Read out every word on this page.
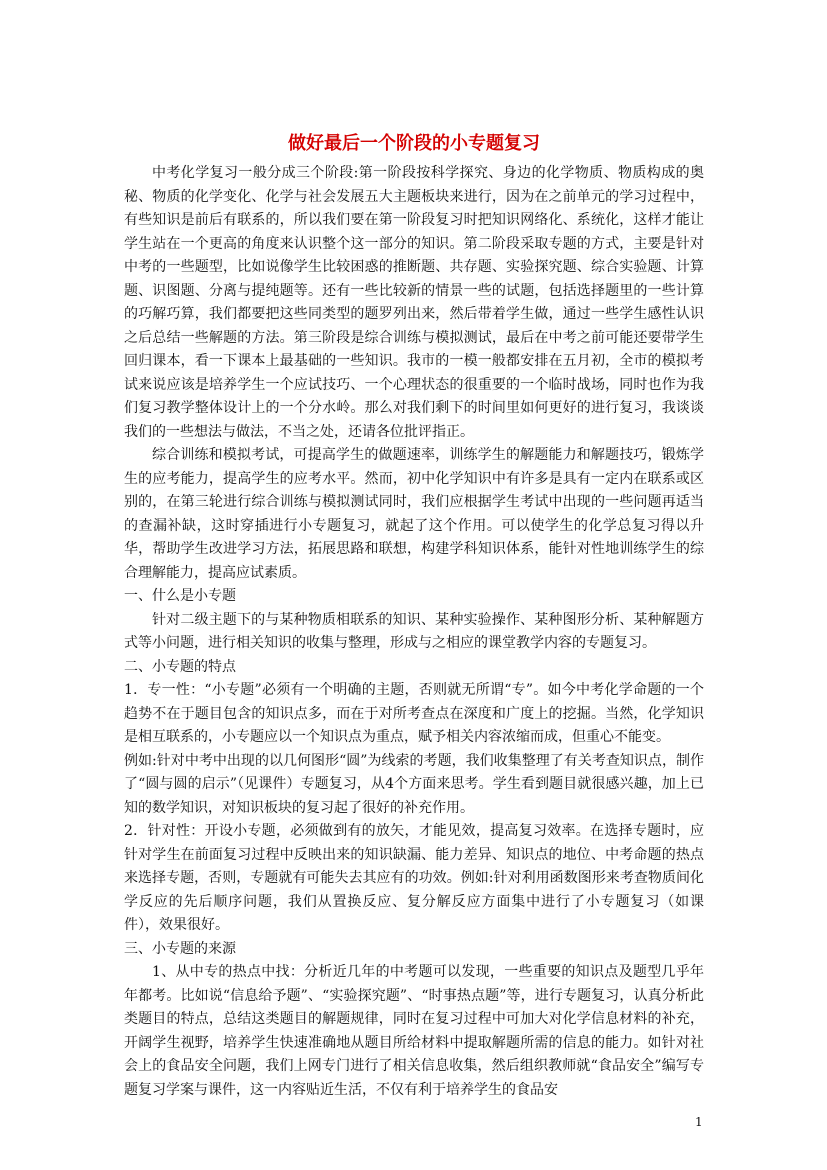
做好最后一个阶段的小专题复习

中考化学复习一般分成三个阶段:第一阶段按科学探究、身边的化学物质、物质构成的奥秘、物质的化学变化、化学与社会发展五大主题板块来进行，因为在之前单元的学习过程中，有些知识是前后有联系的，所以我们要在第一阶段复习时把知识网络化、系统化，这样才能让学生站在一个更高的角度来认识整个这一部分的知识。第二阶段采取专题的方式，主要是针对中考的一些题型，比如说像学生比较困惑的推断题、共存题、实验探究题、综合实验题、计算题、识图题、分离与提纯题等。还有一些比较新的情景一些的试题，包括选择题里的一些计算的巧解巧算，我们都要把这些同类型的题罗列出来，然后带着学生做，通过一些学生感性认识之后总结一些解题的方法。第三阶段是综合训练与模拟测试，最后在中考之前可能还要带学生回归课本，看一下课本上最基础的一些知识。我市的一模一般都安排在五月初，全市的模拟考试来说应该是培养学生一个应试技巧、一个心理状态的很重要的一个临时战场，同时也作为我们复习教学整体设计上的一个分水岭。那么对我们剩下的时间里如何更好的进行复习，我谈谈我们的一些想法与做法，不当之处，还请各位批评指正。

综合训练和模拟考试，可提高学生的做题速率，训练学生的解题能力和解题技巧，锻炼学生的应考能力，提高学生的应考水平。然而，初中化学知识中有许多是具有一定内在联系或区别的，在第三轮进行综合训练与模拟测试同时，我们应根据学生考试中出现的一些问题再适当的查漏补缺，这时穿插进行小专题复习，就起了这个作用。可以使学生的化学总复习得以升华，帮助学生改进学习方法，拓展思路和联想，构建学科知识体系，能针对性地训练学生的综合理解能力，提高应试素质。

一、什么是小专题

针对二级主题下的与某种物质相联系的知识、某种实验操作、某种图形分析、某种解题方式等小问题，进行相关知识的收集与整理，形成与之相应的课堂教学内容的专题复习。

二、小专题的特点

1．专一性：“小专题”必须有一个明确的主题，否则就无所谓“专”。如今中考化学命题的一个趋势不在于题目包含的知识点多，而在于对所考查点在深度和广度上的挖掘。当然，化学知识是相互联系的，小专题应以一个知识点为重点，赋予相关内容浓缩而成，但重心不能变。

例如:针对中考中出现的以几何图形“圆”为线索的考题，我们收集整理了有关考查知识点，制作了“圆与圆的启示”（见课件）专题复习，从4个方面来思考。学生看到题目就很感兴趣，加上已知的数学知识，对知识板块的复习起了很好的补充作用。

2．针对性：开设小专题，必须做到有的放矢，才能见效，提高复习效率。在选择专题时，应针对学生在前面复习过程中反映出来的知识缺漏、能力差异、知识点的地位、中考命题的热点来选择专题，否则，专题就有可能失去其应有的功效。例如:针对利用函数图形来考查物质间化学反应的先后顺序问题，我们从置换反应、复分解反应方面集中进行了小专题复习（如课件），效果很好。

三、小专题的来源

1、从中专的热点中找：分析近几年的中考题可以发现，一些重要的知识点及题型几乎年年都考。比如说“信息给予题”、“实验探究题”、“时事热点题”等，进行专题复习，认真分析此类题目的特点，总结这类题目的解题规律，同时在复习过程中可加大对化学信息材料的补充，开阔学生视野，培养学生快速准确地从题目所给材料中提取解题所需的信息的能力。如针对社会上的食品安全问题，我们上网专门进行了相关信息收集，然后组织教师就“食品安全”编写专题复习学案与课件，这一内容贴近生活，不仅有利于培养学生的食品安

1
